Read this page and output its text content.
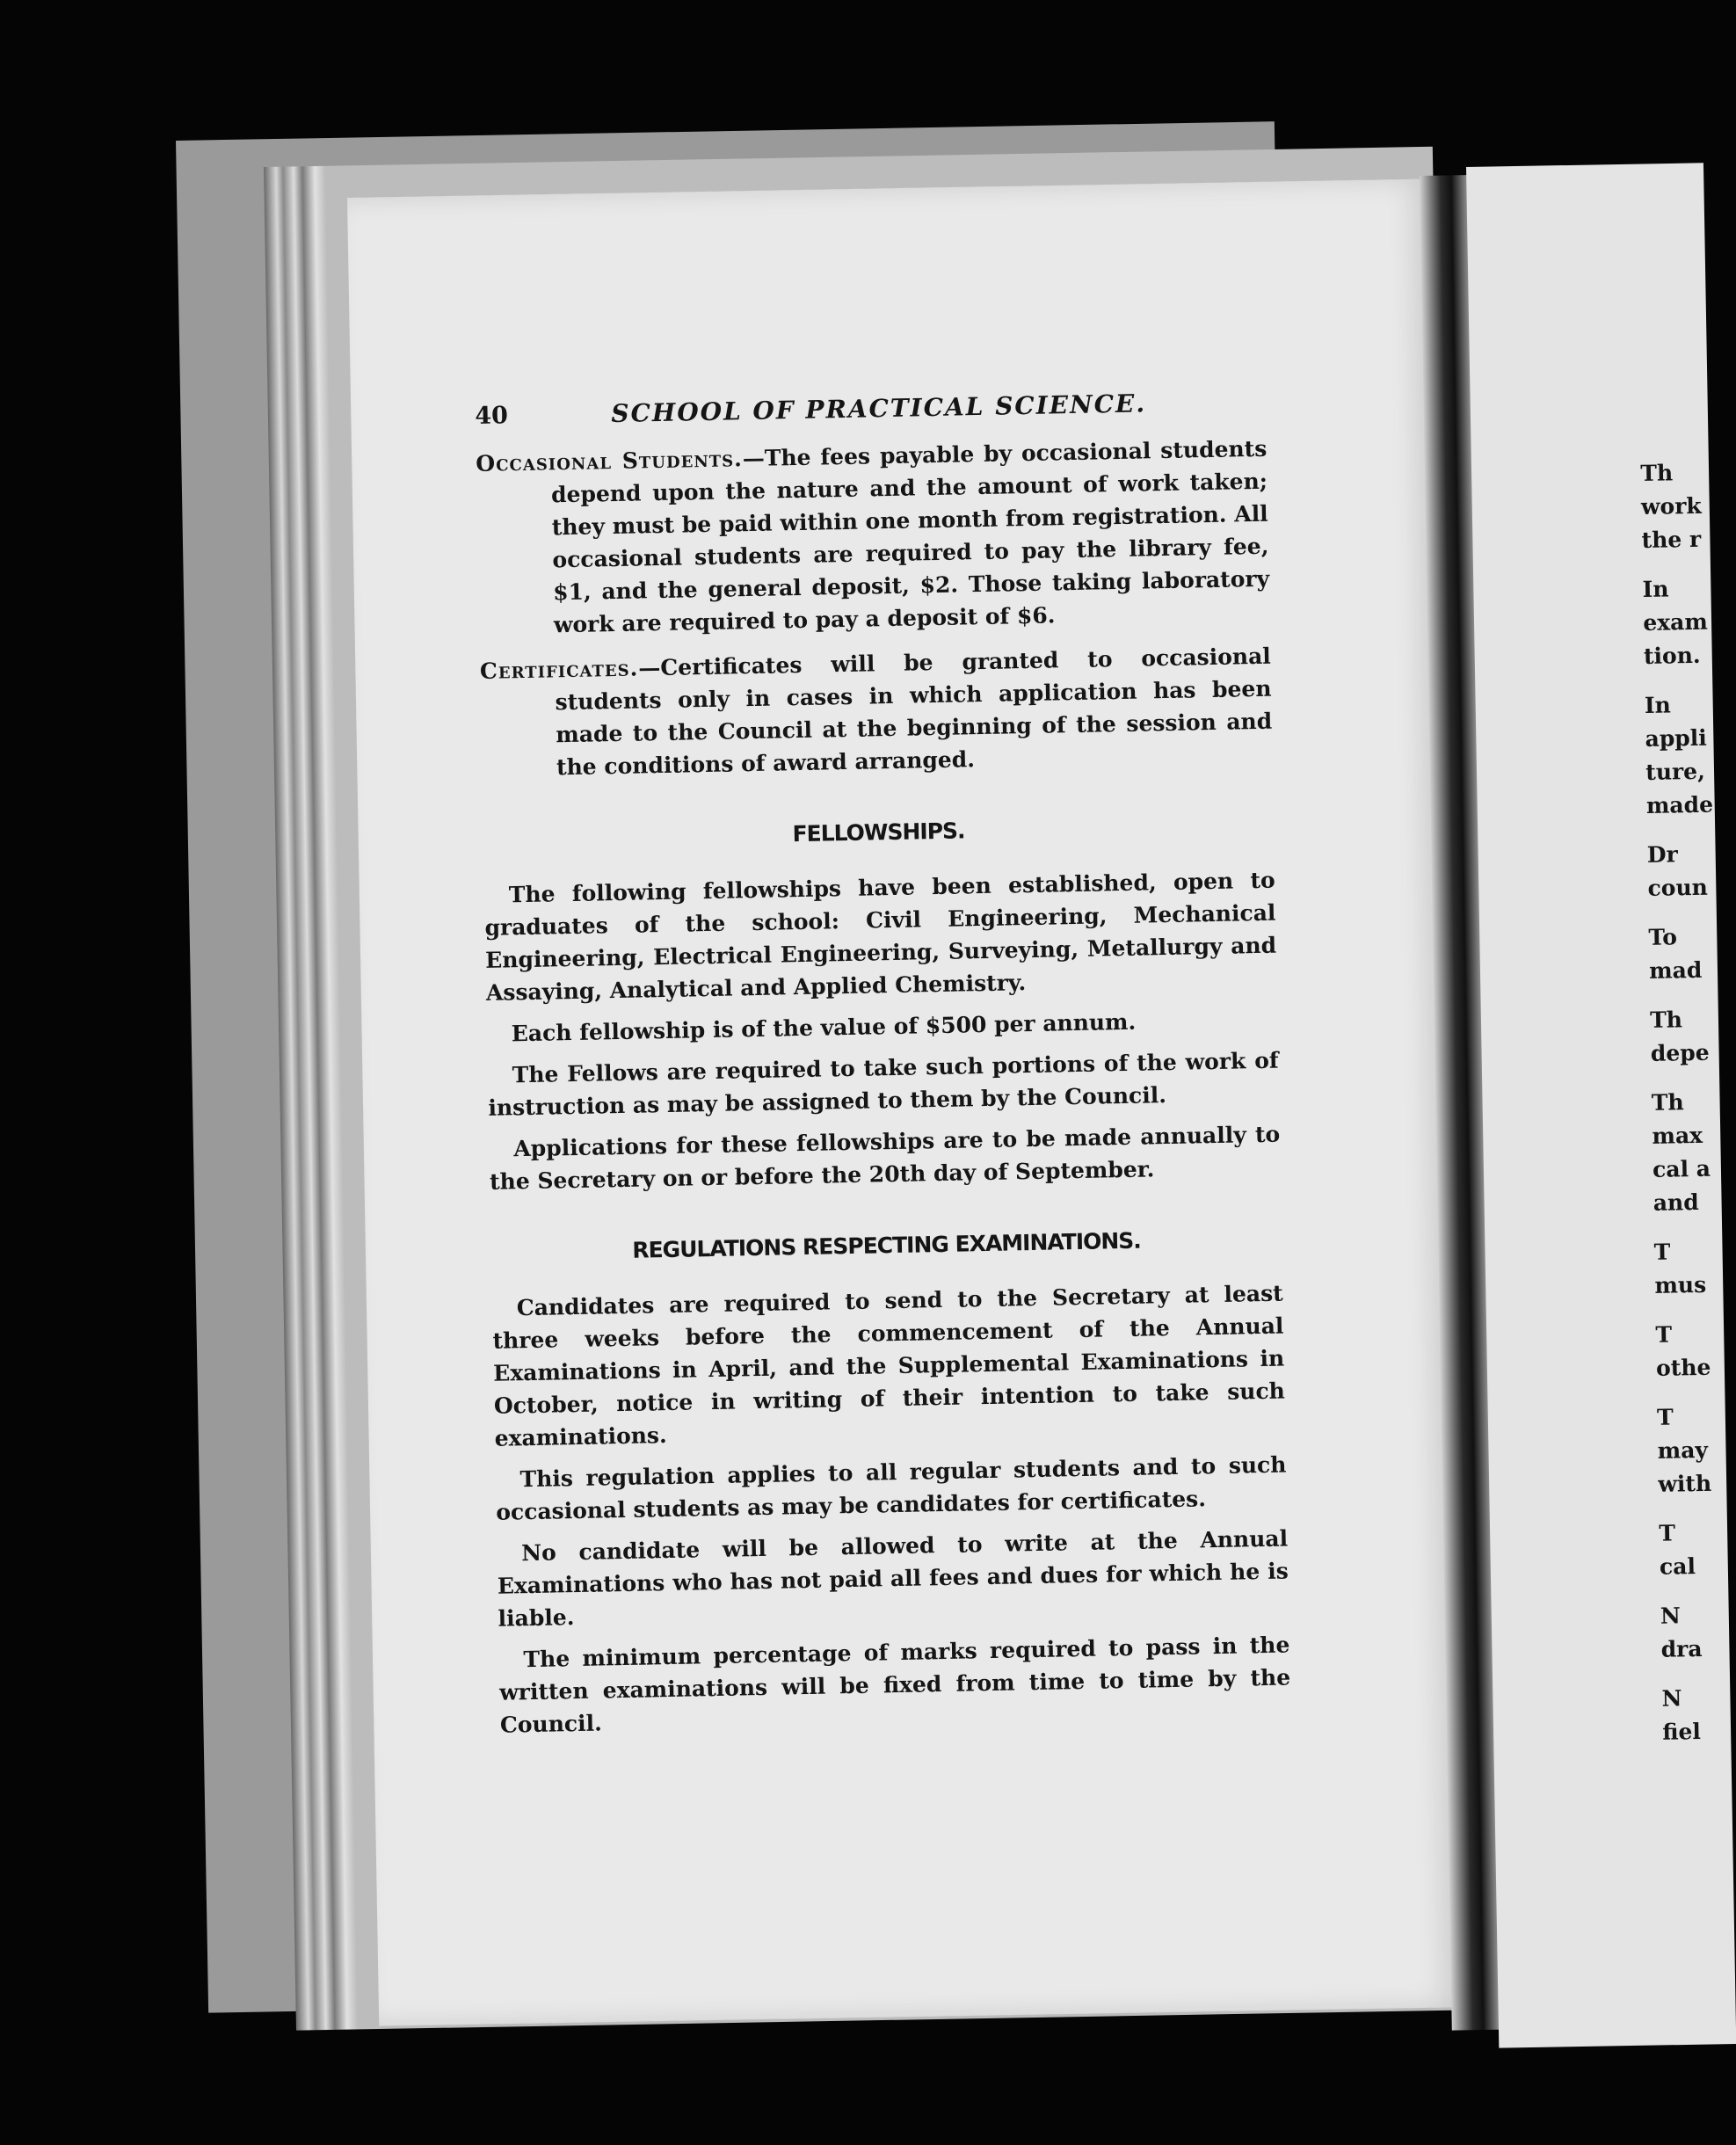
40	SCHOOL OF PRACTICAL SCIENCE.

Occasional Students.—The fees payable by occasional students depend upon the nature and the amount of work taken; they must be paid within one month from registration. All occasional students are required to pay the library fee, $1, and the general deposit, $2. Those taking laboratory work are required to pay a deposit of $6.

Certificates.—Certificates will be granted to occasional students only in cases in which application has been made to the Council at the beginning of the session and the conditions of award arranged.

FELLOWSHIPS.

The following fellowships have been established, open to graduates of the school: Civil Engineering, Mechanical Engineering, Electrical Engineering, Surveying, Metallurgy and Assaying, Analytical and Applied Chemistry.

Each fellowship is of the value of $500 per annum.

The Fellows are required to take such portions of the work of instruction as may be assigned to them by the Council.

Applications for these fellowships are to be made annually to the Secretary on or before the 20th day of September.

REGULATIONS RESPECTING EXAMINATIONS.

Candidates are required to send to the Secretary at least three weeks before the commencement of the Annual Examinations in April, and the Supplemental Examinations in October, notice in writing of their intention to take such examinations.

This regulation applies to all regular students and to such occasional students as may be candidates for certificates.

No candidate will be allowed to write at the Annual Examinations who has not paid all fees and dues for which he is liable.

The minimum percentage of marks required to pass in the written examinations will be fixed from time to time by the Council.

Th
work
the r
In
exam
tion.
In
appli
ture,
made
Dr
coun
To
mad
Th
depe
Th
max
cal a
and
T
mus
T
othe
T
may
with
T
cal
N
dra
N
fiel
